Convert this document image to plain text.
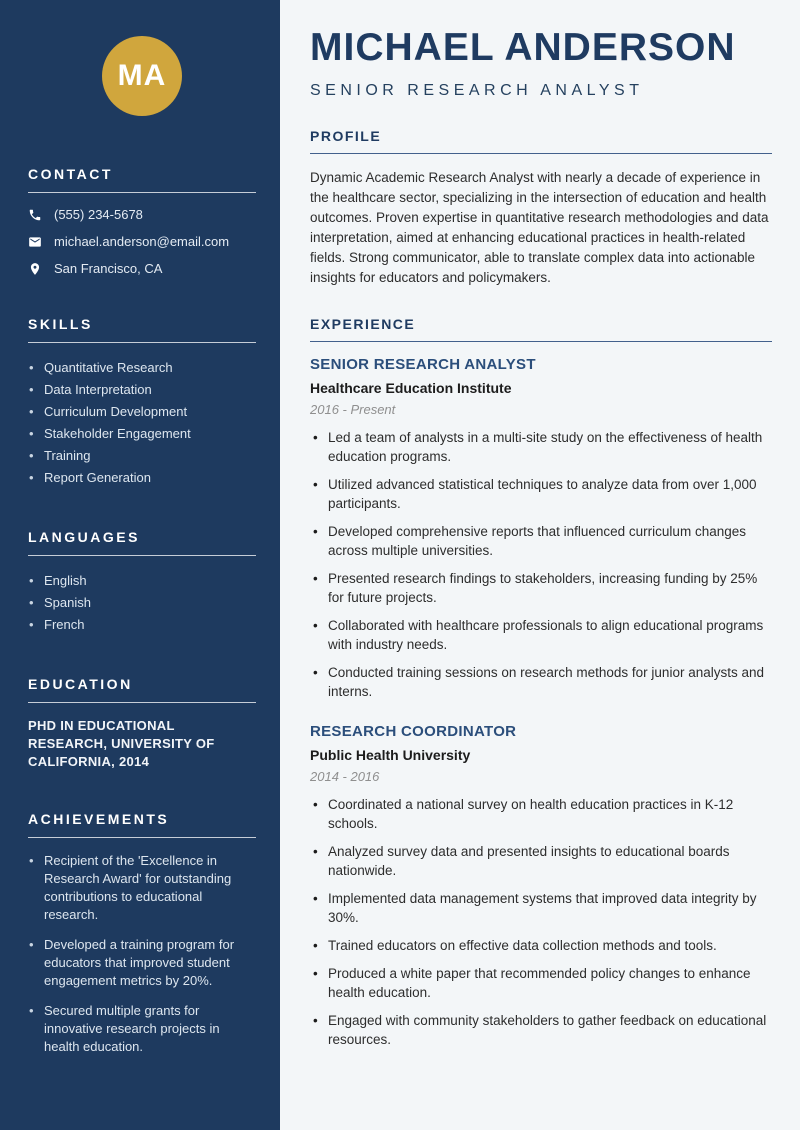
MA
CONTACT
(555) 234-5678
michael.anderson@email.com
San Francisco, CA
SKILLS
• Quantitative Research
• Data Interpretation
• Curriculum Development
• Stakeholder Engagement
• Training
• Report Generation
LANGUAGES
• English
• Spanish
• French
EDUCATION
PHD IN EDUCATIONAL RESEARCH, UNIVERSITY OF CALIFORNIA, 2014
ACHIEVEMENTS
• Recipient of the 'Excellence in Research Award' for outstanding contributions to educational research.
• Developed a training program for educators that improved student engagement metrics by 20%.
• Secured multiple grants for innovative research projects in health education.
MICHAEL ANDERSON
SENIOR RESEARCH ANALYST
PROFILE

Dynamic Academic Research Analyst with nearly a decade of experience in the healthcare sector, specializing in the intersection of education and health outcomes. Proven expertise in quantitative research methodologies and data interpretation, aimed at enhancing educational practices in health-related fields. Strong communicator, able to translate complex data into actionable insights for educators and policymakers.

EXPERIENCE
SENIOR RESEARCH ANALYST
Healthcare Education Institute
2016 - Present
• Led a team of analysts in a multi-site study on the effectiveness of health education programs.
• Utilized advanced statistical techniques to analyze data from over 1,000 participants.
• Developed comprehensive reports that influenced curriculum changes across multiple universities.
• Presented research findings to stakeholders, increasing funding by 25% for future projects.
• Collaborated with healthcare professionals to align educational programs with industry needs.
• Conducted training sessions on research methods for junior analysts and interns.
RESEARCH COORDINATOR
Public Health University
2014 - 2016
• Coordinated a national survey on health education practices in K-12 schools.
• Analyzed survey data and presented insights to educational boards nationwide.
• Implemented data management systems that improved data integrity by 30%.
• Trained educators on effective data collection methods and tools.
• Produced a white paper that recommended policy changes to enhance health education.
• Engaged with community stakeholders to gather feedback on educational resources.
